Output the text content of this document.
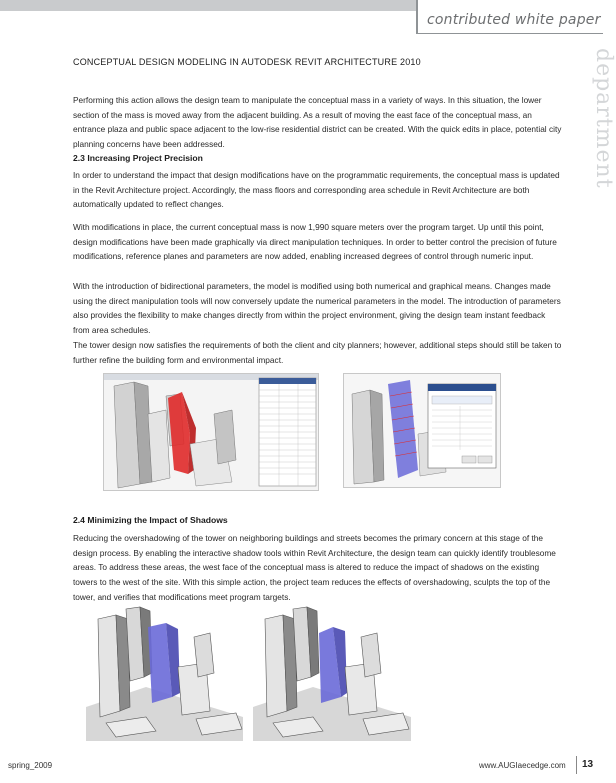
contributed white paper
department
CONCEPTUAL DESIGN MODELING IN AUTODESK REVIT ARCHITECTURE 2010

Performing this action allows the design team to manipulate the conceptual mass in a variety of ways. In this situation, the lower section of the mass is moved away from the adjacent building. As a result of moving the east face of the conceptual mass, an entrance plaza and public space adjacent to the low-rise residential district can be created. With the quick edits in place, potential city planning concerns have been addressed.

2.3 Increasing Project Precision

In order to understand the impact that design modifications have on the programmatic requirements, the conceptual mass is updated in the Revit Architecture project. Accordingly, the mass floors and corresponding area schedule in Revit Architecture are both automatically updated to reflect changes.

With modifications in place, the current conceptual mass is now 1,990 square meters over the program target. Up until this point, design modifications have been made graphically via direct manipulation techniques. In order to better control the precision of future modifications, reference planes and parameters are now added, enabling increased degrees of control through numeric input.

With the introduction of bidirectional parameters, the model is modified using both numerical and graphical means. Changes made using the direct manipulation tools will now conversely update the numerical parameters in the model. The introduction of parameters also provides the flexibility to make changes directly from within the project environment, giving the design team instant feedback from area schedules.

The tower design now satisfies the requirements of both the client and city planners; however, additional steps should still be taken to further refine the building form and environmental impact.

2.4 Minimizing the Impact of Shadows

Reducing the overshadowing of the tower on neighboring buildings and streets becomes the primary concern at this stage of the design process. By enabling the interactive shadow tools within Revit Architecture, the design team can quickly identify troublesome areas. To address these areas, the west face of the conceptual mass is altered to reduce the impact of shadows on the existing towers to the west of the site. With this simple action, the project team reduces the effects of overshadowing, sculpts the top of the tower, and verifies that modifications meet program targets.

spring_2009	www.AUGIaecedge.com 13
